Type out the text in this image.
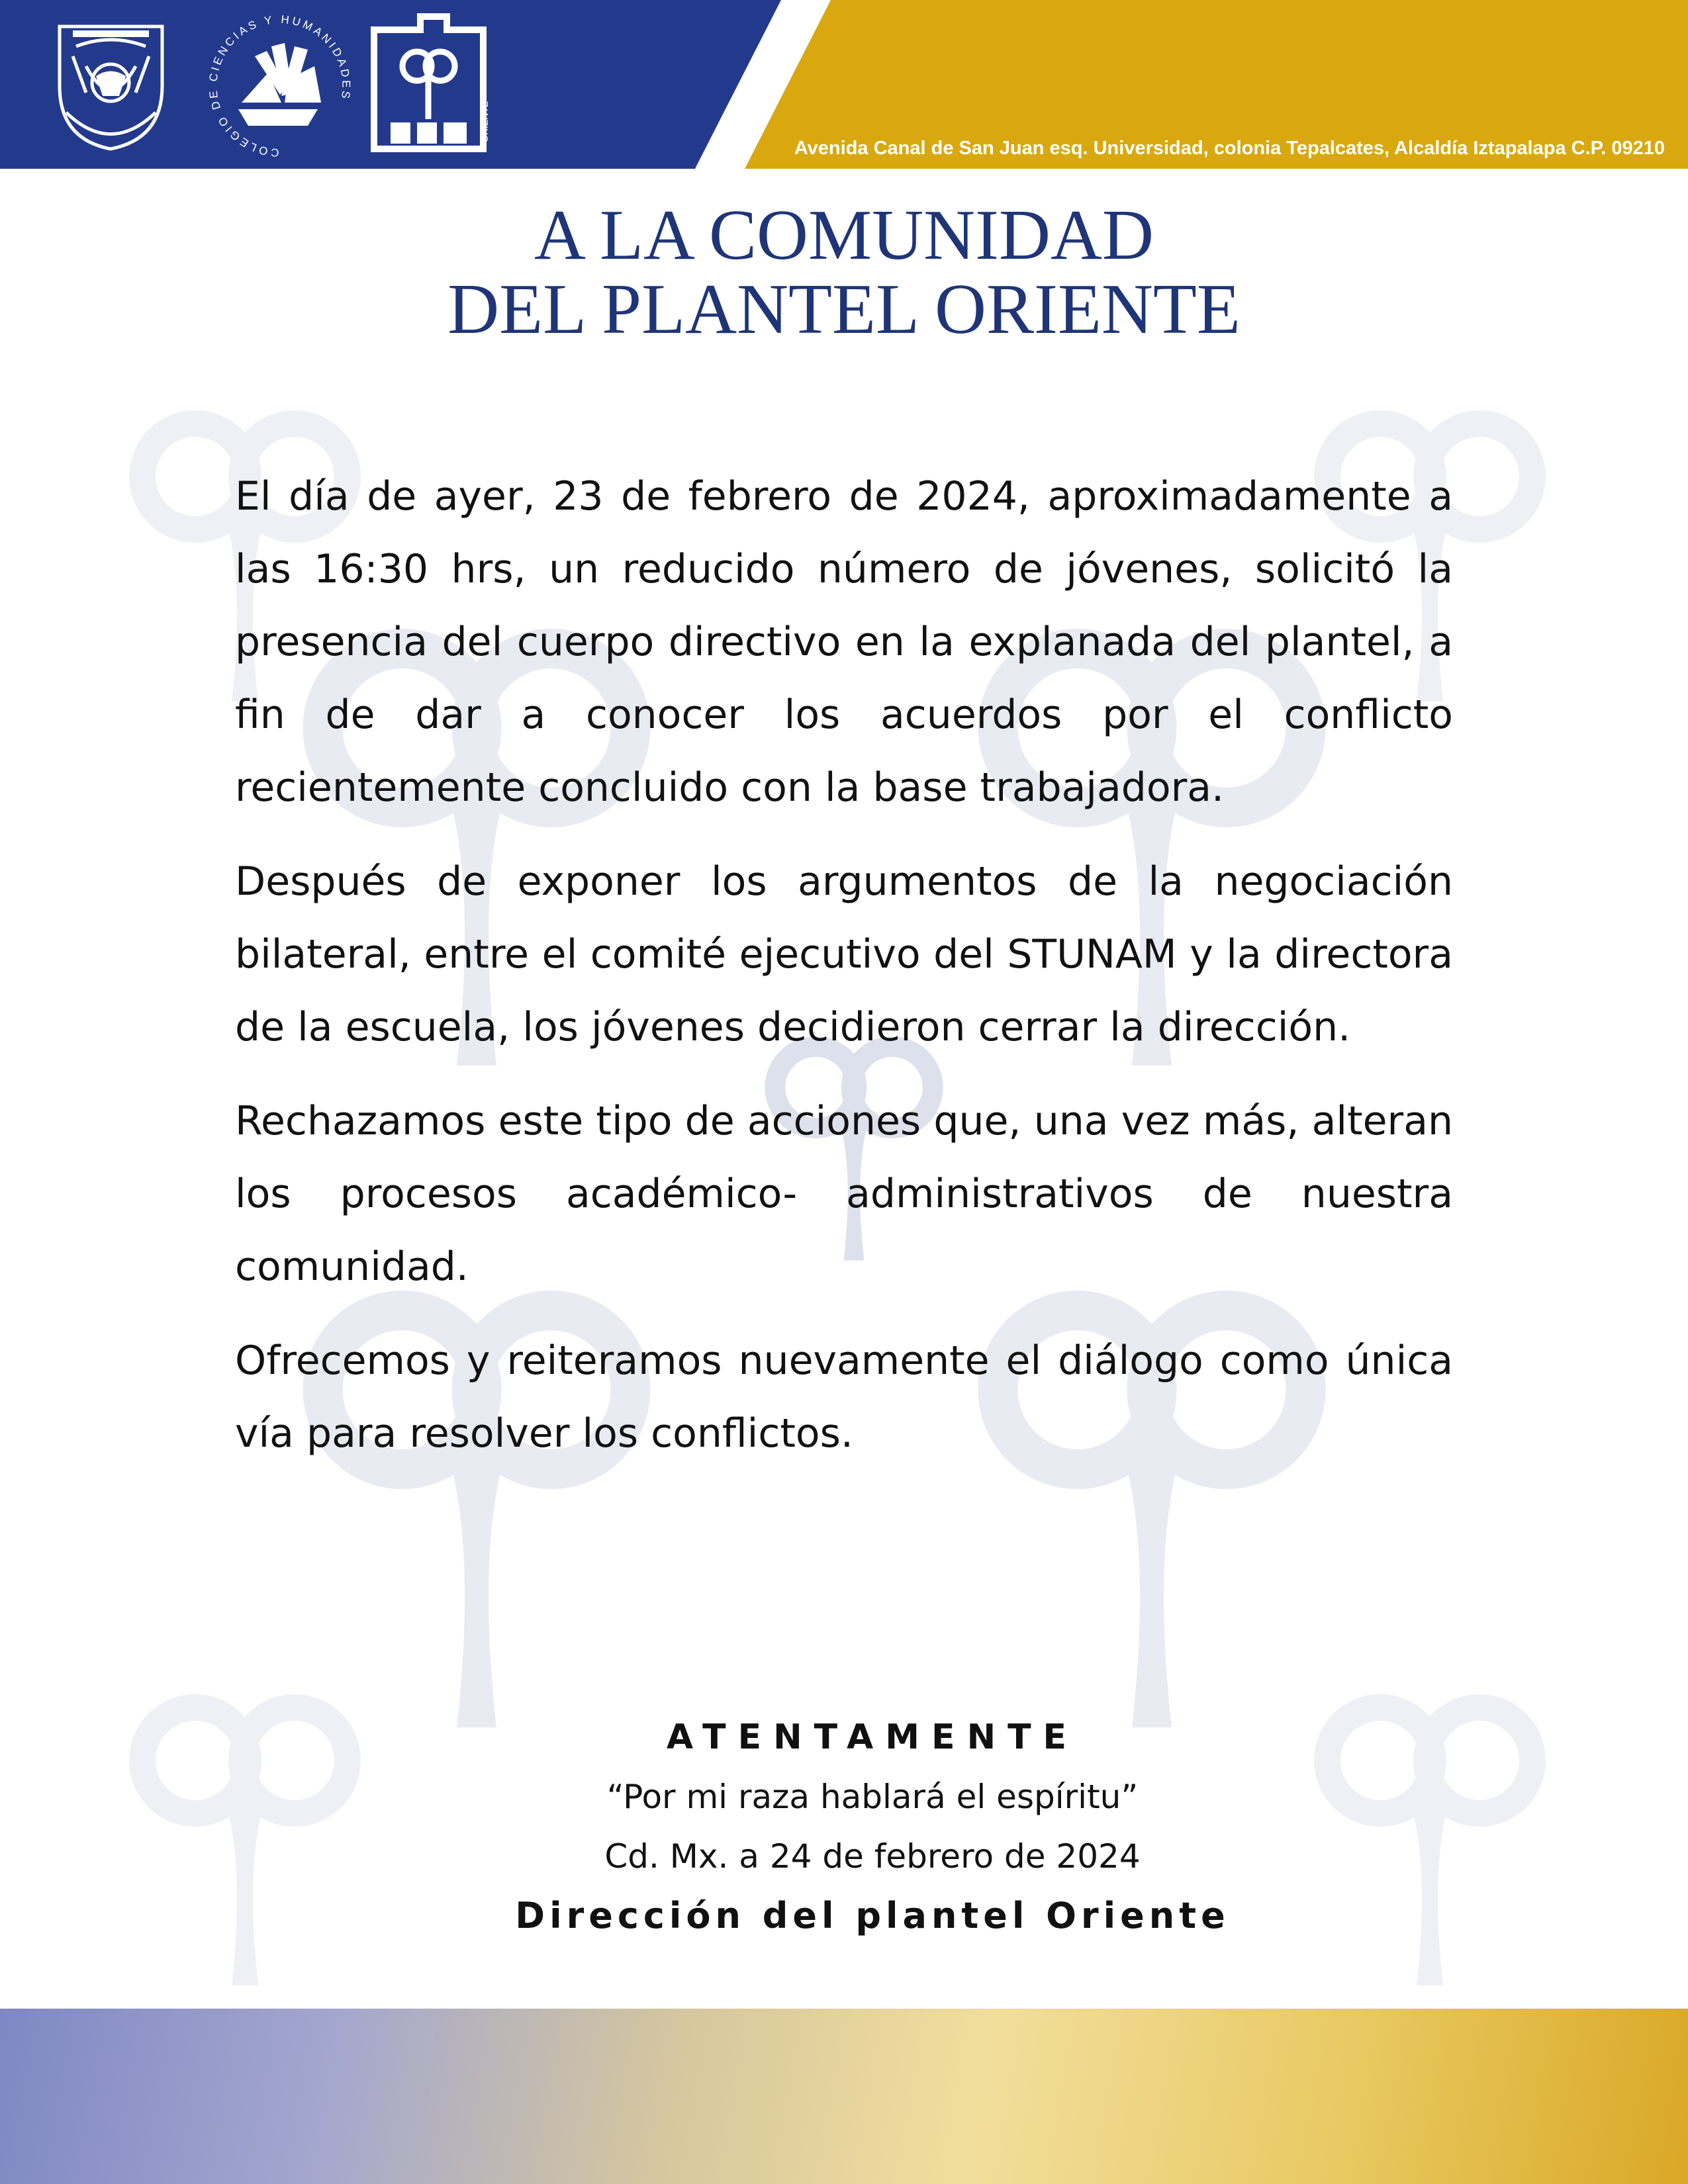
COLEGIO DE CIENCIAS Y HUMANIDADES
ORIENTE
Avenida Canal de San Juan esq. Universidad, colonia Tepalcates, Alcaldía Iztapalapa C.P. 09210
A LA COMUNIDAD
DEL PLANTEL ORIENTE

El día de ayer, 23 de febrero de 2024, aproximadamente a las 16:30 hrs, un reducido número de jóvenes, solicitó la presencia del cuerpo directivo en la explanada del plantel, a fin de dar a conocer los acuerdos por el conflicto recientemente concluido con la base trabajadora.

Después de exponer los argumentos de la negociación bilateral, entre el comité ejecutivo del STUNAM y la directora de la escuela, los jóvenes decidieron cerrar la dirección.

Rechazamos este tipo de acciones que, una vez más, alteran los procesos académico- administrativos de nuestra comunidad.

Ofrecemos y reiteramos nuevamente el diálogo como única vía para resolver los conflictos.

ATENTAMENTE
“Por mi raza hablará el espíritu”
Cd. Mx. a 24 de febrero de 2024
Dirección del plantel Oriente
